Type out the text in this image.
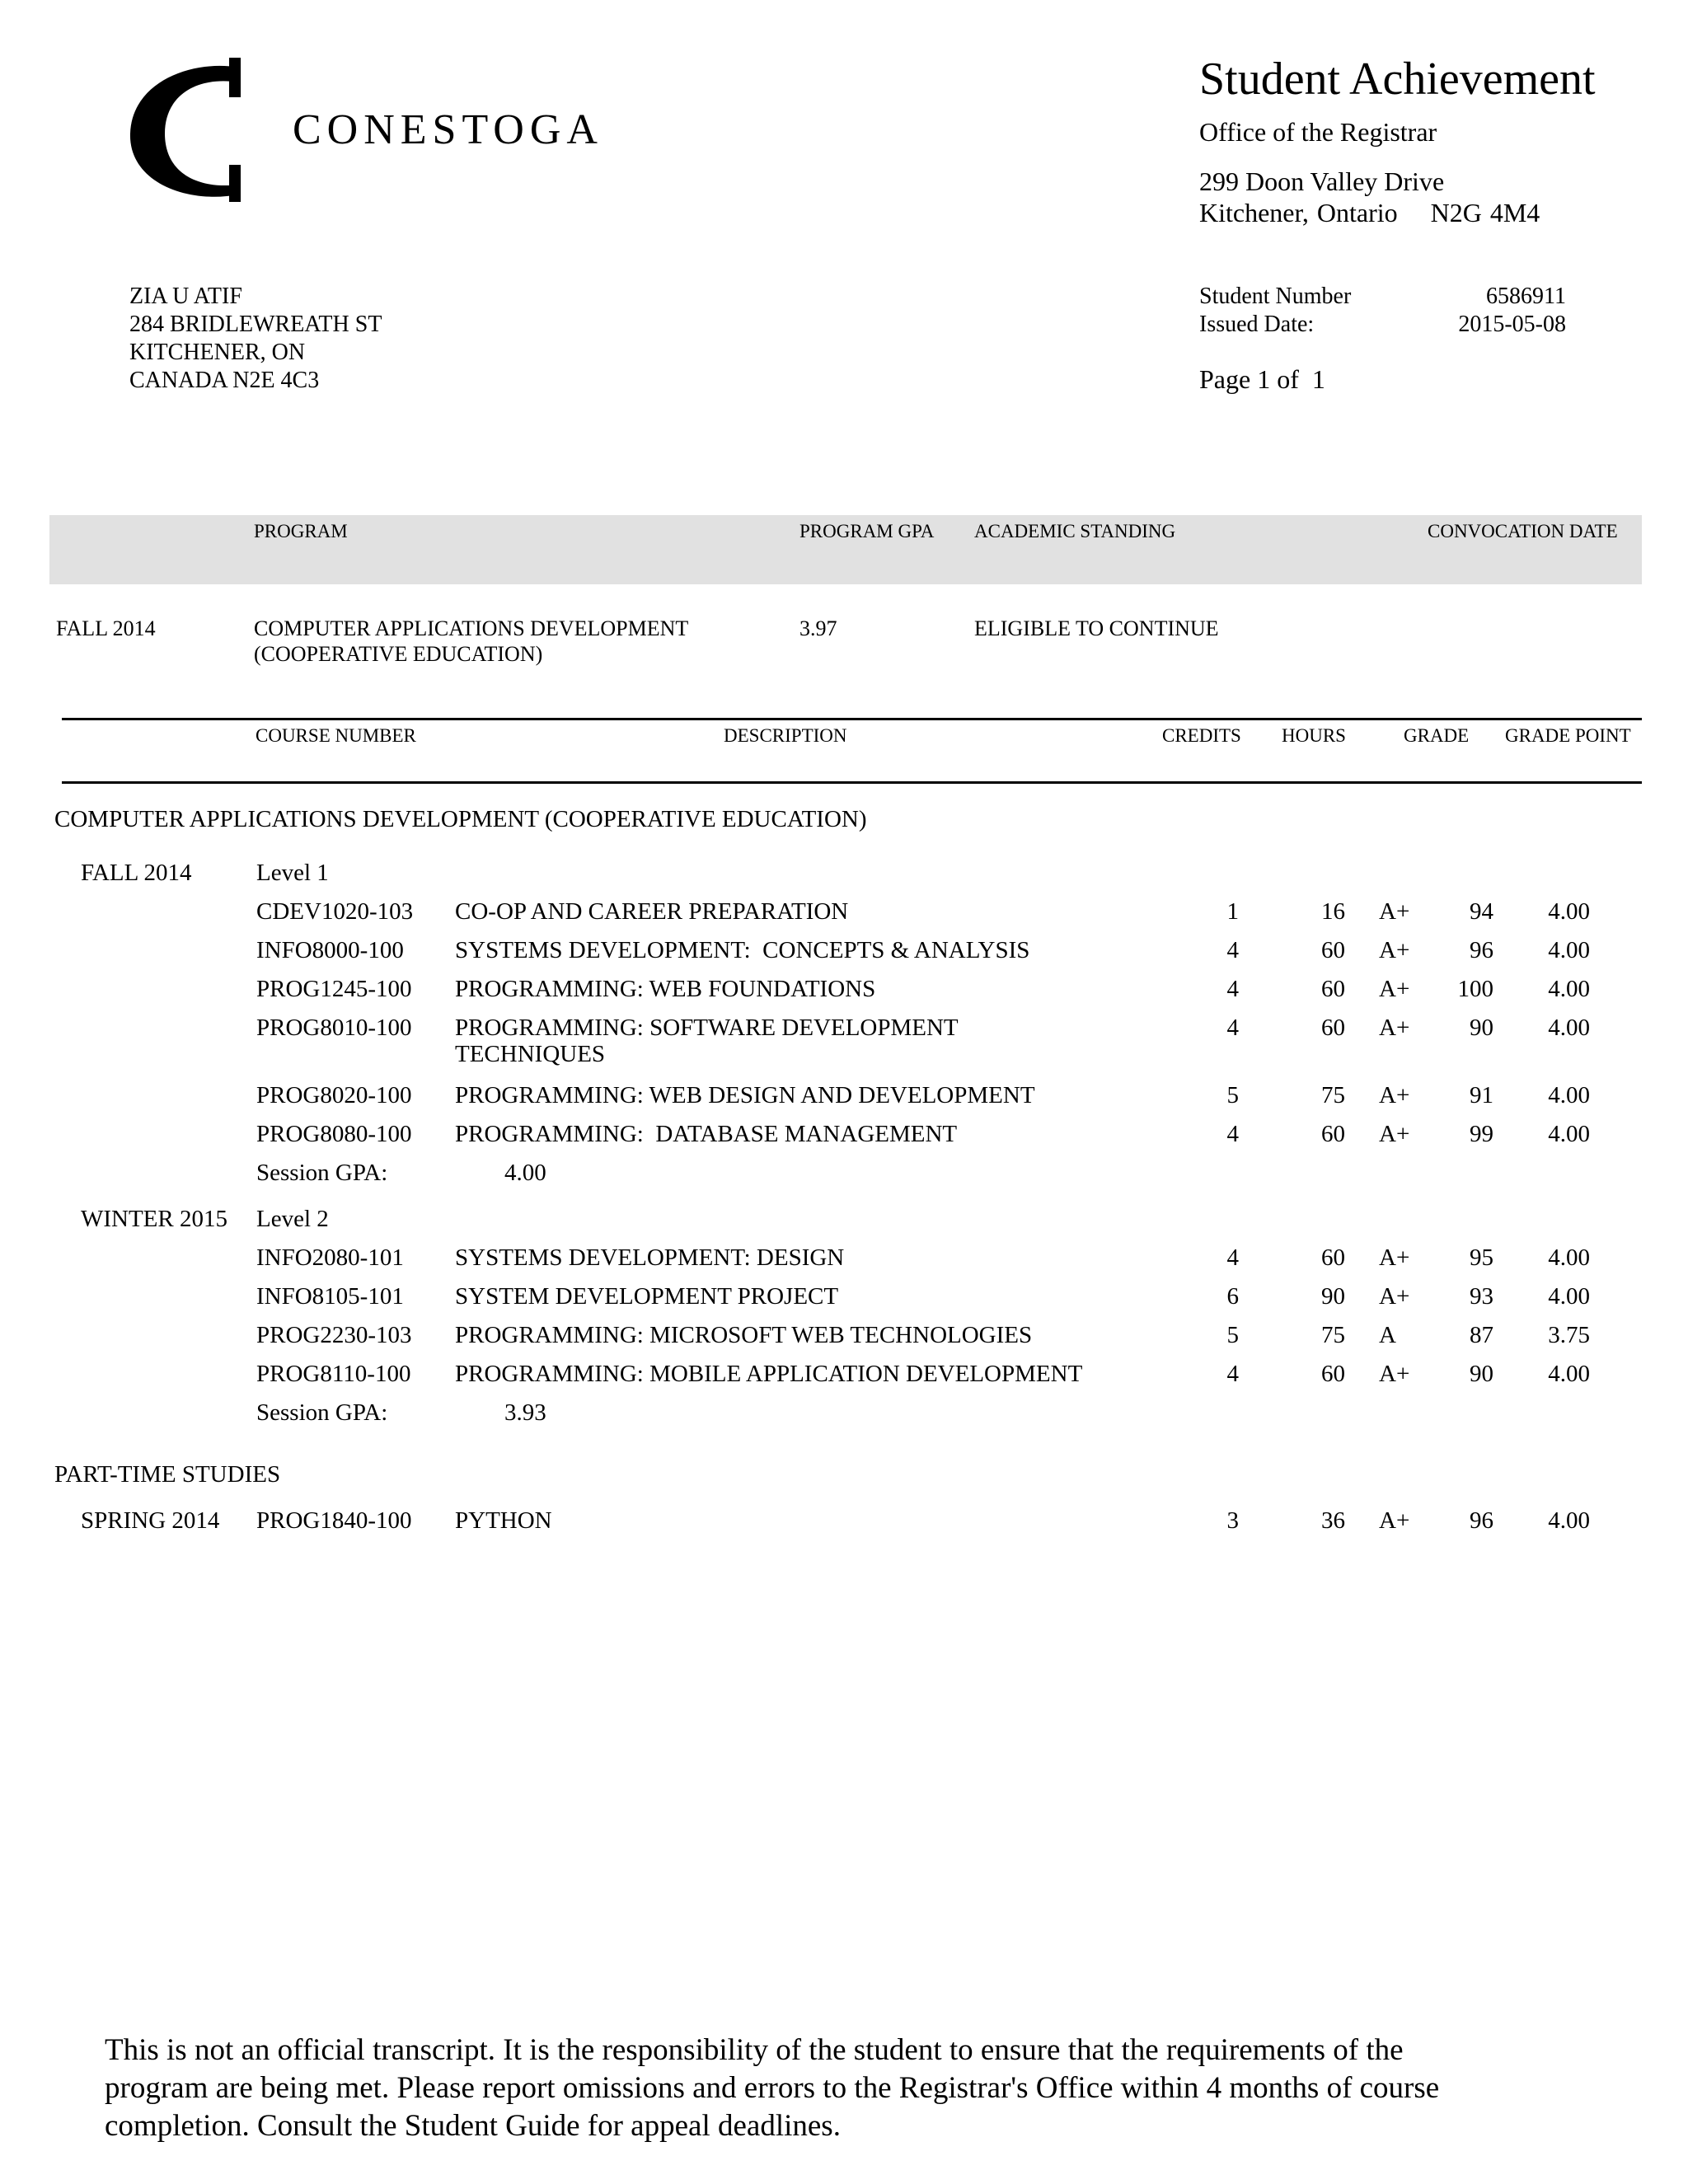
CONESTOGA
Student Achievement
Office of the Registrar
299 Doon Valley Drive
Kitchener, Ontario    N2G 4M4
ZIA U ATIF
284 BRIDLEWREATH ST
KITCHENER, ON
CANADA N2E 4C3
Student Number	6586911
Issued Date:	2015-05-08
Page 1 of  1
PROGRAM	PROGRAM GPA ACADEMIC STANDING	CONVOCATION DATE
FALL 2014	COMPUTER APPLICATIONS DEVELOPMENT
(COOPERATIVE EDUCATION)
3.97	ELIGIBLE TO CONTINUE
COURSE NUMBER	DESCRIPTION	CREDITS HOURS	GRADE GRADE POINT
COMPUTER APPLICATIONS DEVELOPMENT (COOPERATIVE EDUCATION)
FALL 2014	Level 1
CDEV1020-103 CO-OP AND CAREER PREPARATION	1	16 A+	94 4.00
INFO8000-100 SYSTEMS DEVELOPMENT:  CONCEPTS & ANALYSIS	4	60 A+	96 4.00
PROG1245-100 PROGRAMMING: WEB FOUNDATIONS	4	60 A+ 100 4.00
PROG8010-100 PROGRAMMING: SOFTWARE DEVELOPMENT
TECHNIQUES
4	60 A+	90 4.00
PROG8020-100 PROGRAMMING: WEB DESIGN AND DEVELOPMENT	5	75 A+	91 4.00
PROG8080-100 PROGRAMMING:  DATABASE MANAGEMENT	4	60 A+	99 4.00
Session GPA:	4.00
WINTER 2015 Level 2
INFO2080-101 SYSTEMS DEVELOPMENT: DESIGN	4	60 A+	95 4.00
INFO8105-101 SYSTEM DEVELOPMENT PROJECT	6	90 A+	93 4.00
PROG2230-103 PROGRAMMING: MICROSOFT WEB TECHNOLOGIES	5	75 A	87 3.75
PROG8110-100 PROGRAMMING: MOBILE APPLICATION DEVELOPMENT	4	60 A+	90 4.00
Session GPA:	3.93
PART-TIME STUDIES
SPRING 2014 PROG1840-100 PYTHON	3	36 A+	96 4.00
This is not an official transcript. It is the responsibility of the student to ensure that the requirements of the
program are being met. Please report omissions and errors to the Registrar's Office within 4 months of course
completion. Consult the Student Guide for appeal deadlines.
